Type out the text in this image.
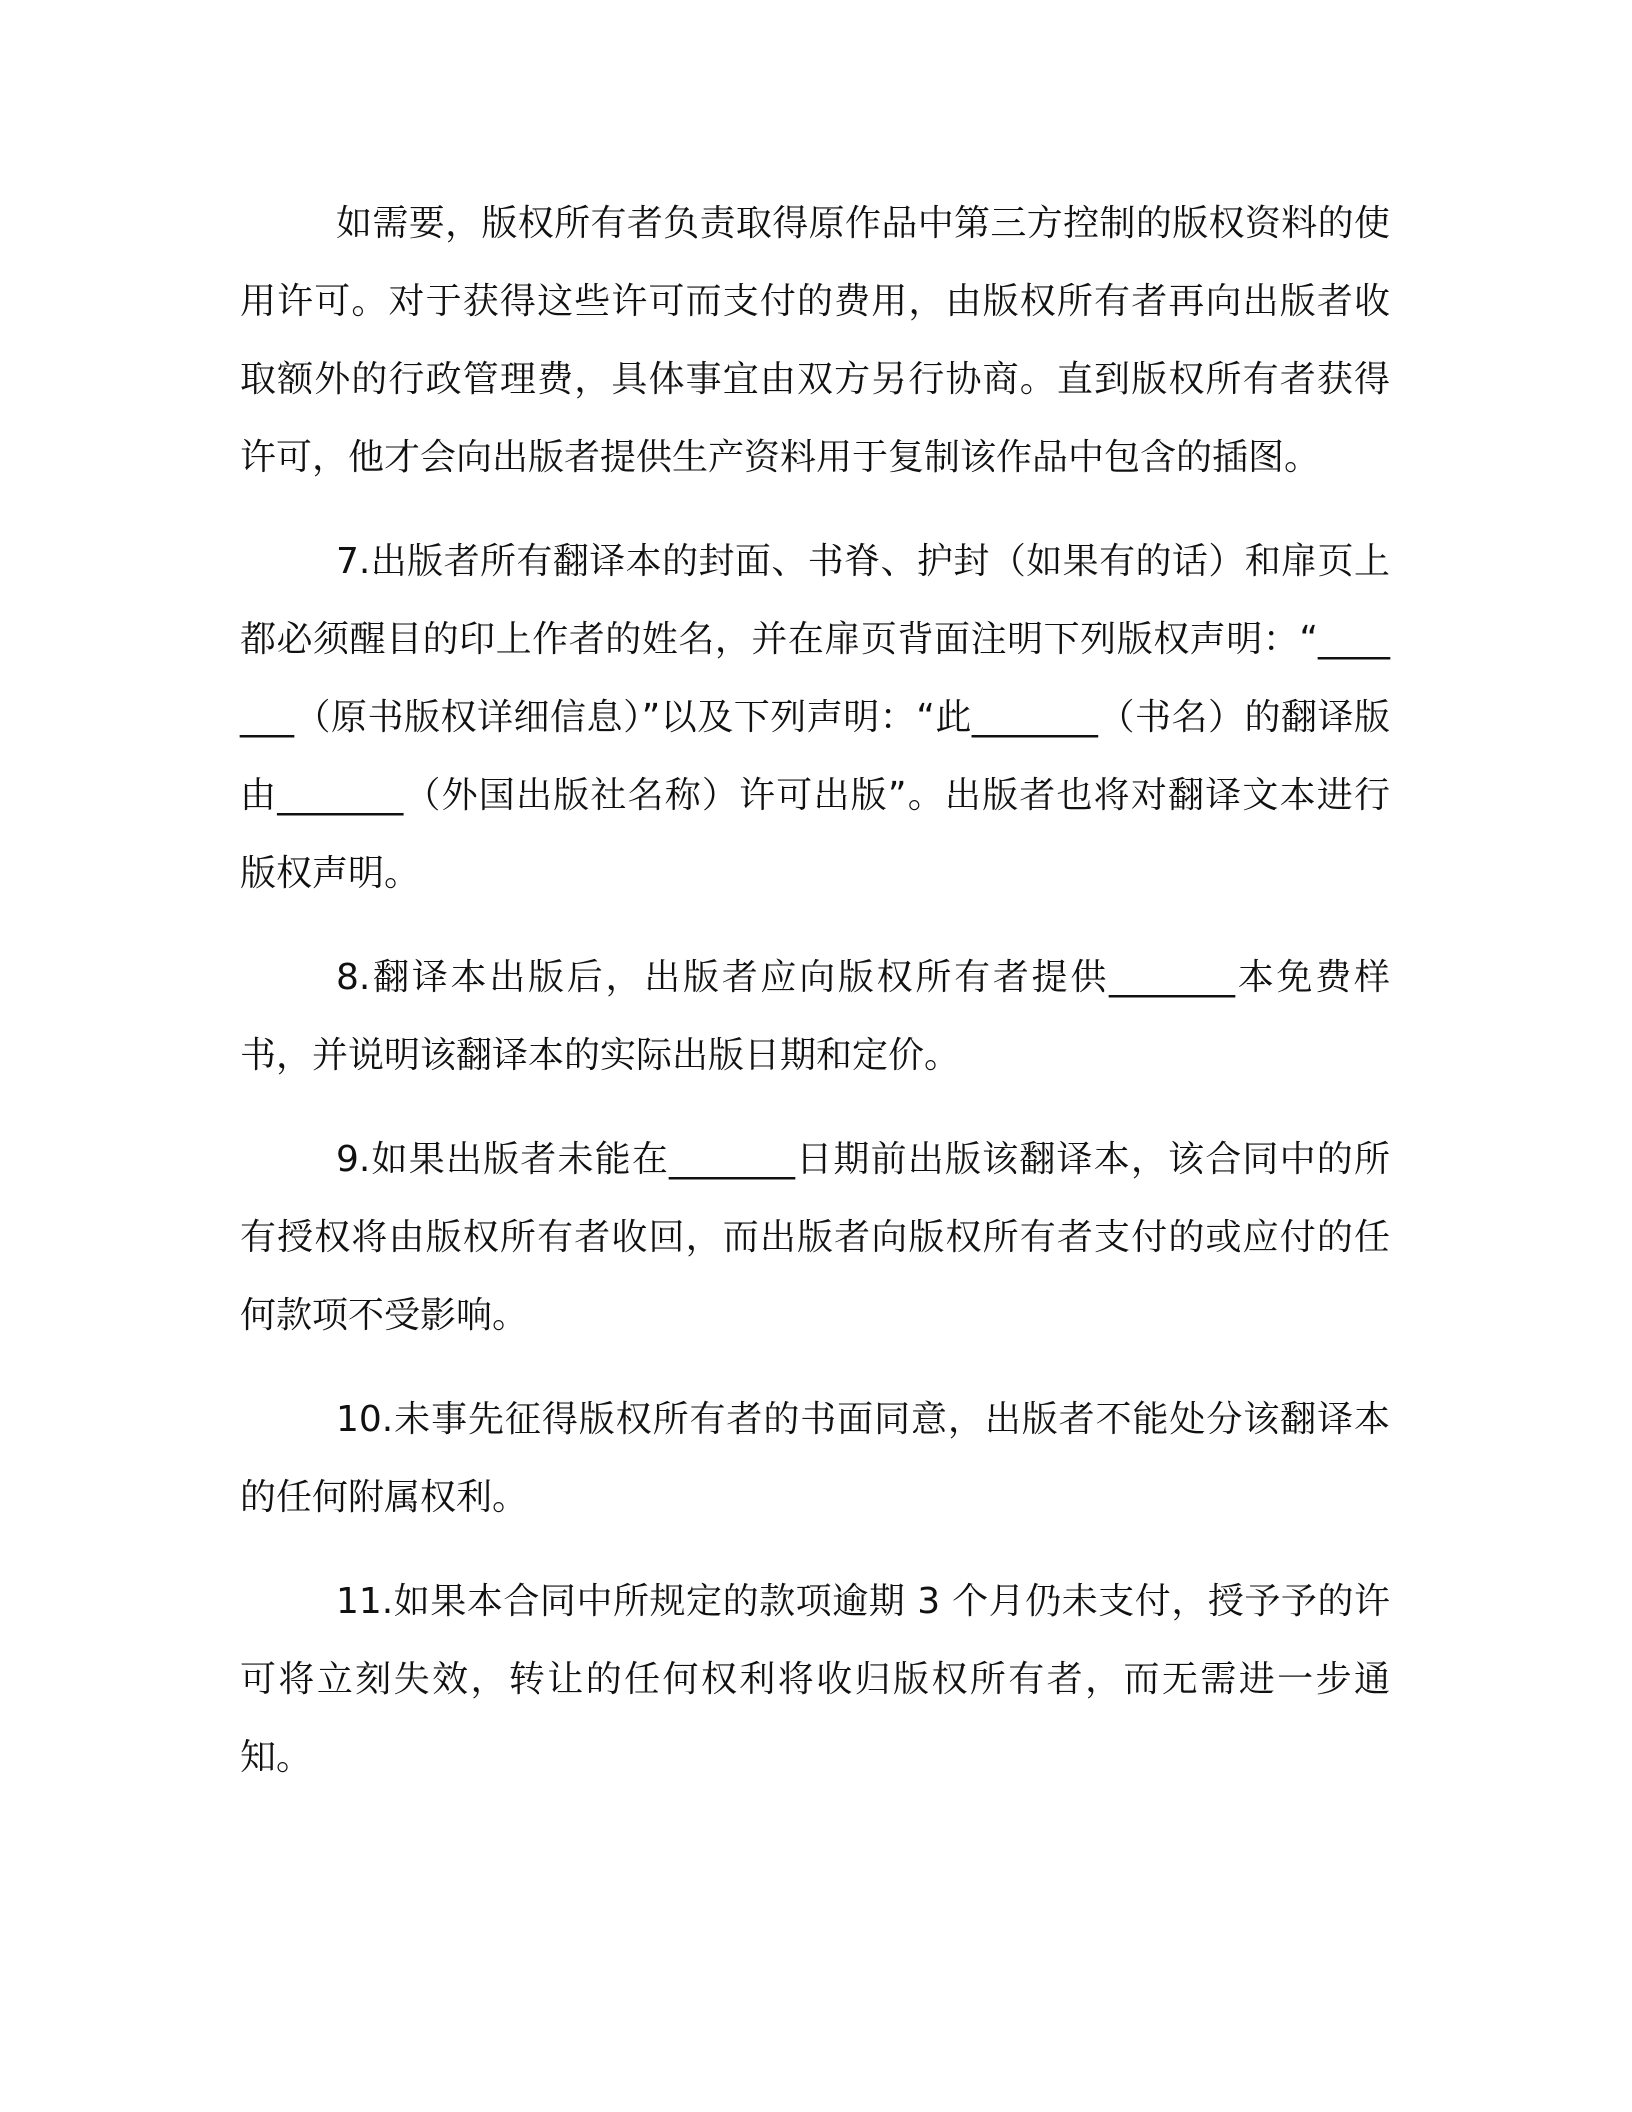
如需要，版权所有者负责取得原作品中第三方控制的版权资料的使用许可。对于获得这些许可而支付的费用，由版权所有者再向出版者收取额外的行政管理费，具体事宜由双方另行协商。直到版权所有者获得许可，他才会向出版者提供生产资料用于复制该作品中包含的插图。

7.出版者所有翻译本的封面、书脊、护封（如果有的话）和扉页上都必须醒目的印上作者的姓名，并在扉页背面注明下列版权声明：“_______（原书版权详细信息）”以及下列声明：“此_______（书名）的翻译版由_______（外国出版社名称）许可出版”。出版者也将对翻译文本进行版权声明。

8.翻译本出版后，出版者应向版权所有者提供_______本免费样书，并说明该翻译本的实际出版日期和定价。

9.如果出版者未能在_______日期前出版该翻译本，该合同中的所有授权将由版权所有者收回，而出版者向版权所有者支付的或应付的任何款项不受影响。

10.未事先征得版权所有者的书面同意，出版者不能处分该翻译本的任何附属权利。

11.如果本合同中所规定的款项逾期 3 个月仍未支付，授予予的许可将立刻失效，转让的任何权利将收归版权所有者，而无需进一步通知。
